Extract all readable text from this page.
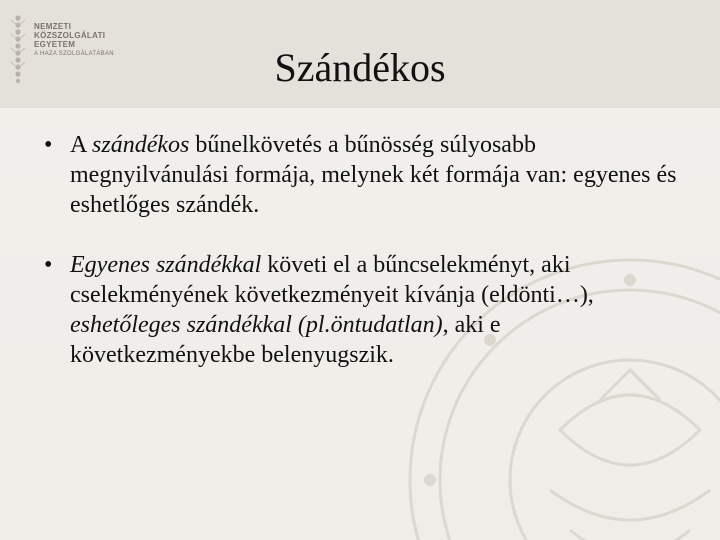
NEMZETI
KÖZSZOLGÁLATI
EGYETEM
A HAZA SZOLGÁLATÁBAN	Szándékos
• A szándékos bűnelkövetés a bűnösség súlyosabb megnyilvánulási formája, melynek két formája van: egyenes és eshetlőges szándék.
• Egyenes szándékkal követi el a bűncselekményt, aki cselekményének következményeit kívánja (eldönti…), eshetőleges szándékkal (pl.öntudatlan), aki e következményekbe belenyugszik.
